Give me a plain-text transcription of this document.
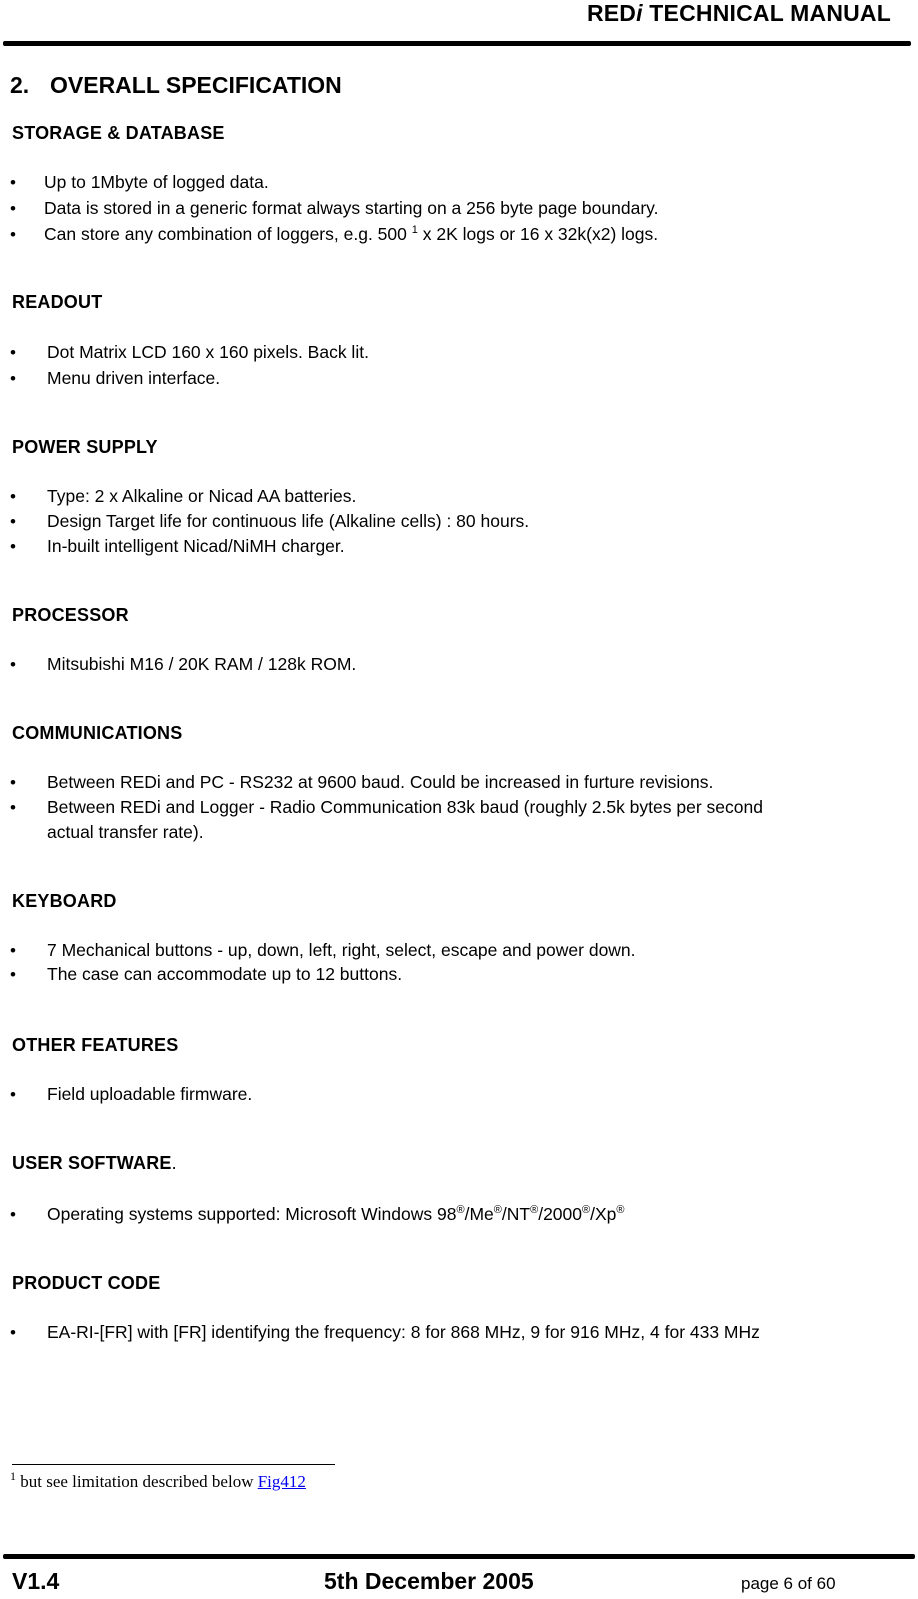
REDi TECHNICAL MANUAL
2. OVERALL SPECIFICATION
STORAGE & DATABASE
• Up to 1Mbyte of logged data.
• Data is stored in a generic format always starting on a 256 byte page boundary.
• Can store any combination of loggers, e.g. 500 $^1$ x 2K logs or 16 x 32k(x2) logs.
READOUT
• Dot Matrix LCD 160 x 160 pixels. Back lit.
• Menu driven interface.
POWER SUPPLY
• Type: 2 x Alkaline or Nicad AA batteries.
• Design Target life for continuous life (Alkaline cells) : 80 hours.
• In-built intelligent Nicad/NiMH charger.
PROCESSOR
• Mitsubishi M16 / 20K RAM / 128k ROM.
COMMUNICATIONS
• Between REDi and PC - RS232 at 9600 baud. Could be increased in furture revisions.
• Between REDi and Logger - Radio Communication 83k baud (roughly 2.5k bytes per second
actual transfer rate).
KEYBOARD
• 7 Mechanical buttons - up, down, left, right, select, escape and power down.
• The case can accommodate up to 12 buttons.
OTHER FEATURES
• Field uploadable firmware.
USER SOFTWARE.
• Operating systems supported: Microsoft Windows 98®/Me®/NT®/2000®/Xp®
PRODUCT CODE
• EA-RI-[FR] with [FR] identifying the frequency: 8 for 868 MHz, 9 for 916 MHz, 4 for 433 MHz
$^1$ but see limitation described below Fig412
V1.4	5th December 2005	page 6 of 60
